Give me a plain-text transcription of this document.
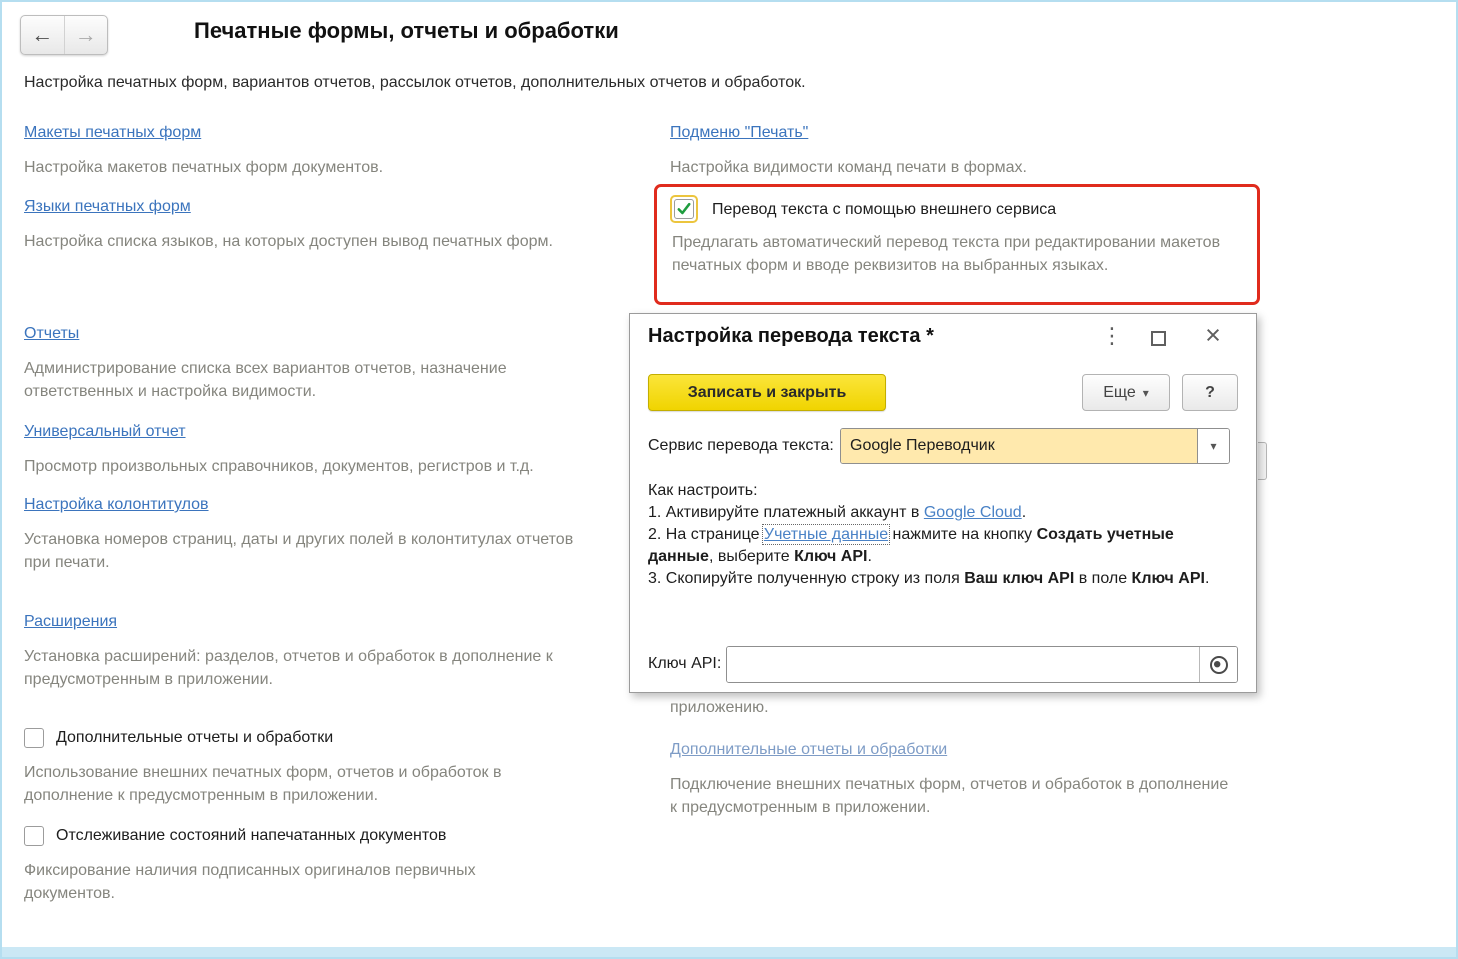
← →	Печатные формы, отчеты и обработки
Настройка печатных форм, вариантов отчетов, рассылок отчетов, дополнительных отчетов и обработок.
Макеты печатных форм
Настройка макетов печатных форм документов.
Языки печатных форм
Настройка списка языков, на которых доступен вывод печатных форм.
Отчеты
Администрирование списка всех вариантов отчетов, назначение ответственных и настройка видимости.
Универсальный отчет
Просмотр произвольных справочников, документов, регистров и т.д.
Настройка колонтитулов
Установка номеров страниц, даты и других полей в колонтитулах отчетов при печати.
Расширения
Установка расширений: разделов, отчетов и обработок в дополнение к предусмотренным в приложении.
Дополнительные отчеты и обработки
Использование внешних печатных форм, отчетов и обработок в дополнение к предусмотренным в приложении.
Отслеживание состояний напечатанных документов
Фиксирование наличия подписанных оригиналов первичных документов.
Подменю "Печать"
Настройка видимости команд печати в формах.
Перевод текста с помощью внешнего сервиса
Предлагать автоматический перевод текста при редактировании макетов печатных форм и вводе реквизитов на выбранных языках.
приложению.
Дополнительные отчеты и обработки
Подключение внешних печатных форм, отчетов и обработок в дополнение к предусмотренным в приложении.
Настройка перевода текста *	⋮	×
Записать и закрыть	Еще ▾	?
Сервис перевода текста:	Google Переводчик	▾
Как настроить:
1. Активируйте платежный аккаунт в Google Cloud.
2. На странице Учетные данные нажмите на кнопку Создать учетные данные, выберите Ключ API.
3. Скопируйте полученную строку из поля Ваш ключ API в поле Ключ API.
Ключ API:
